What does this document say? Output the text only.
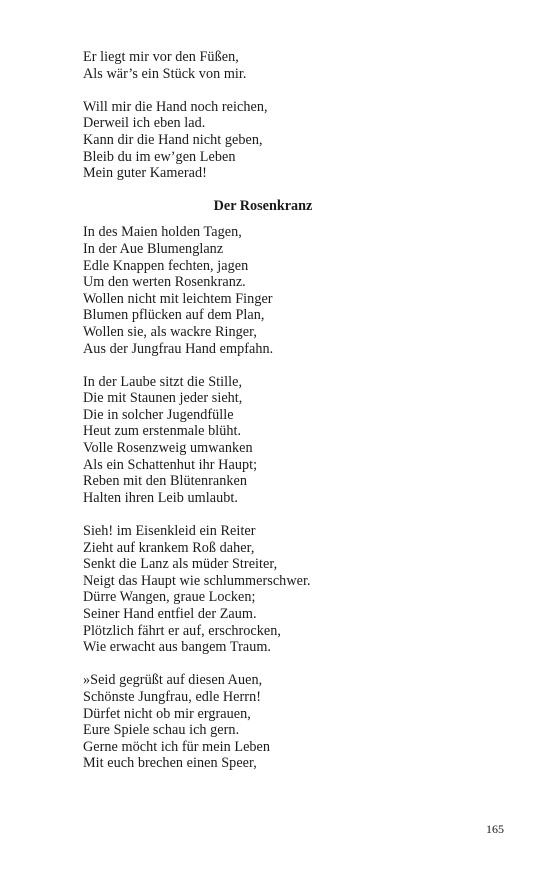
Er liegt mir vor den Füßen,
Als wär’s ein Stück von mir.
Will mir die Hand noch reichen,
Derweil ich eben lad.
Kann dir die Hand nicht geben,
Bleib du im ew’gen Leben
Mein guter Kamerad!
Der Rosenkranz
In des Maien holden Tagen,
In der Aue Blumenglanz
Edle Knappen fechten, jagen
Um den werten Rosenkranz.
Wollen nicht mit leichtem Finger
Blumen pflücken auf dem Plan,
Wollen sie, als wackre Ringer,
Aus der Jungfrau Hand empfahn.
In der Laube sitzt die Stille,
Die mit Staunen jeder sieht,
Die in solcher Jugendfülle
Heut zum erstenmale blüht.
Volle Rosenzweig umwanken
Als ein Schattenhut ihr Haupt;
Reben mit den Blütenranken
Halten ihren Leib umlaubt.
Sieh! im Eisenkleid ein Reiter
Zieht auf krankem Roß daher,
Senkt die Lanz als müder Streiter,
Neigt das Haupt wie schlummerschwer.
Dürre Wangen, graue Locken;
Seiner Hand entfiel der Zaum.
Plötzlich fährt er auf, erschrocken,
Wie erwacht aus bangem Traum.
»Seid gegrüßt auf diesen Auen,
Schönste Jungfrau, edle Herrn!
Dürfet nicht ob mir ergrauen,
Eure Spiele schau ich gern.
Gerne möcht ich für mein Leben
Mit euch brechen einen Speer,
165
